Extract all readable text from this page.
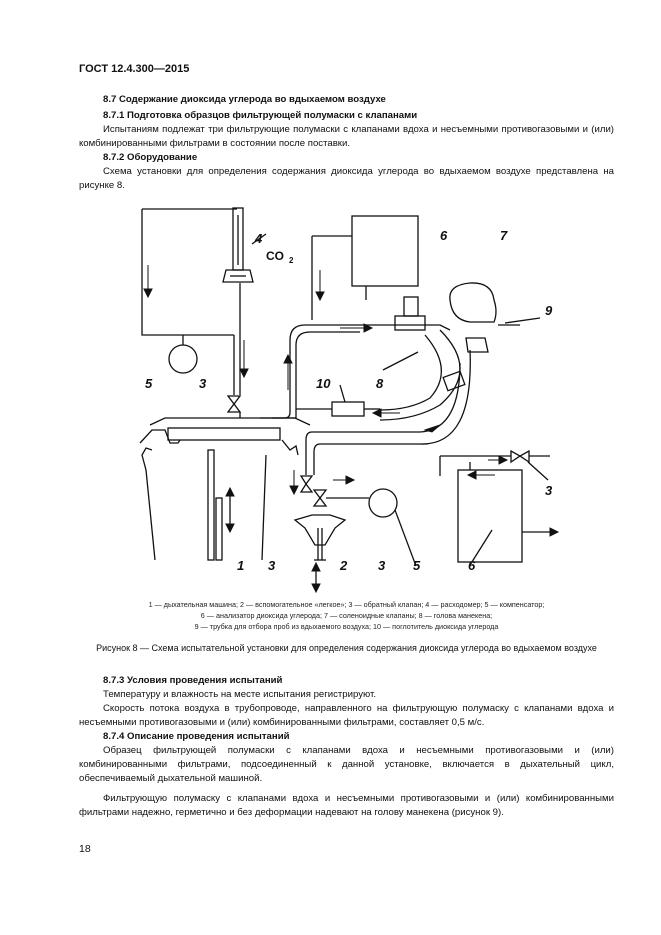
ГОСТ 12.4.300—2015
8.7 Содержание диоксида углерода во вдыхаемом воздухе
8.7.1 Подготовка образцов фильтрующей полумаски с клапанами
Испытаниям подлежат три фильтрующие полумаски с клапанами вдоха и несъемными противогазовыми и (или) комбинированными фильтрами в состоянии после поставки.
8.7.2 Оборудование
Схема установки для определения содержания диоксида углерода во вдыхаемом воздухе представлена на рисунке 8.
4
CO 2
6	7
9
5	3	10	8
1 3	2 3 5	6
3
1 — дыхательная машина; 2 — вспомогательное «легкое»; 3 — обратный клапан; 4 — расходомер; 5 — компенсатор;
6 — анализатор диоксида углерода; 7 — соленоидные клапаны; 8 — голова манекена;
9 — трубка для отбора проб из вдыхаемого воздуха; 10 — поглотитель диоксида углерода
Рисунок 8 — Схема испытательной установки для определения содержания диоксида углерода во вдыхаемом воздухе
8.7.3 Условия проведения испытаний
Температуру и влажность на месте испытания регистрируют.
Скорость потока воздуха в трубопроводе, направленного на фильтрующую полумаску с клапанами вдоха и несъемными противогазовыми и (или) комбинированными фильтрами, составляет 0,5 м/с.
8.7.4 Описание проведения испытаний
Образец фильтрующей полумаски с клапанами вдоха и несъемными противогазовыми и (или) комбинированными фильтрами, подсоединенный к данной установке, включается в дыхательный цикл, обеспечиваемый дыхательной машиной.
Фильтрующую полумаску с клапанами вдоха и несъемными противогазовыми и (или) комбинированными фильтрами надежно, герметично и без деформации надевают на голову манекена (рисунок 9).
18
